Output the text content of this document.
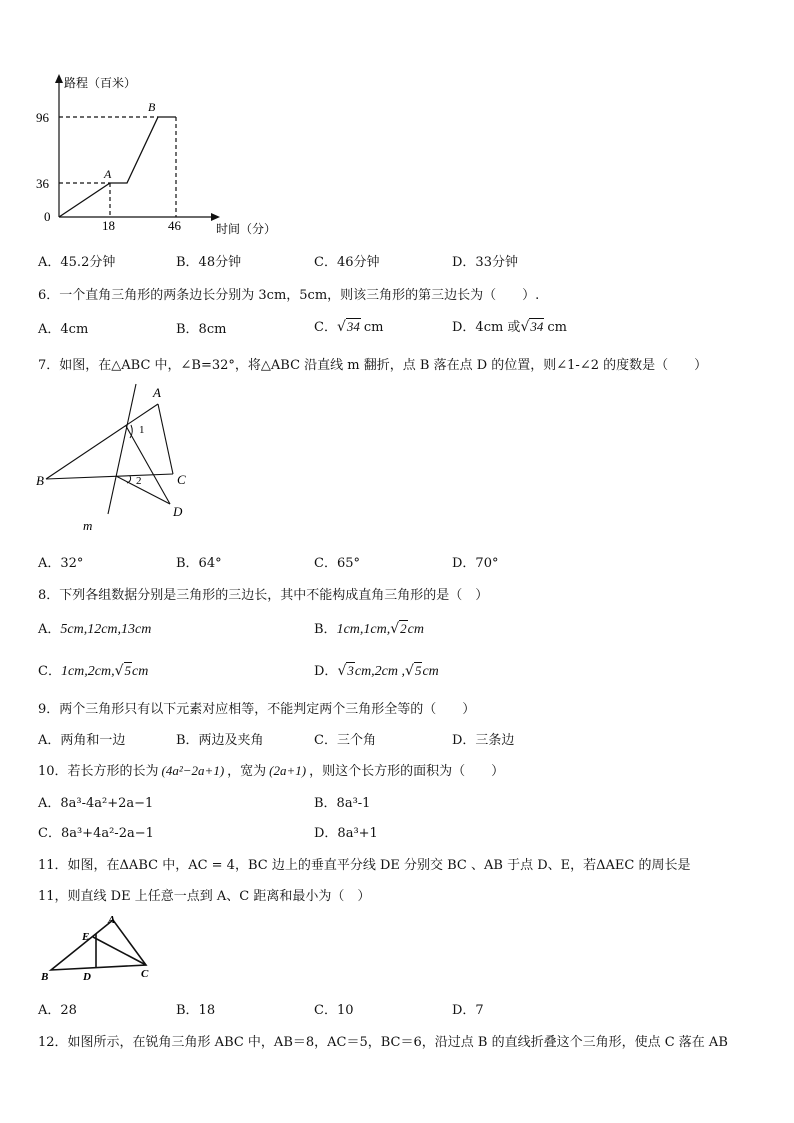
路程（百米）
时间（分）
96
36
0
18	46
A
B
A．45.2分钟	B．48分钟	C．46分钟	D．33分钟
6．一个直角三角形的两条边长分别为 3cm，5cm，则该三角形的第三边长为（　　）.
A．4cm	B．8cm	C．√34 cm	D．4cm 或√34 cm
7．如图，在△ABC 中，∠B=32°，将△ABC 沿直线 m 翻折，点 B 落在点 D 的位置，则∠1-∠2 的度数是（　　）
A
B	C
D
m
1
2
A．32°	B．64°	C．65°	D．70°
8．下列各组数据分别是三角形的三边长，其中不能构成直角三角形的是（　）
A．5cm,12cm,13cm	B．1cm,1cm,√2cm
C．1cm,2cm,√5cm	D．√3cm,2cm ,√5cm
9．两个三角形只有以下元素对应相等，不能判定两个三角形全等的（　　）
A．两角和一边	B．两边及夹角	C．三个角	D．三条边
10．若长方形的长为 (4a²−2a+1) ，宽为 (2a+1) ，则这个长方形的面积为（　　）
A．8a³-4a²+2a−1	B．8a³-1
C．8a³+4a²-2a−1	D．8a³+1
11．如图，在ΔABC 中，AC = 4，BC 边上的垂直平分线 DE 分别交 BC 、AB 于点 D、E，若ΔAEC 的周长是
11，则直线 DE 上任意一点到 A、C 距离和最小为（　）
A
E
B	D	C
A．28	B．18	C．10	D．7
12．如图所示，在锐角三角形 ABC 中，AB＝8，AC＝5，BC＝6，沿过点 B 的直线折叠这个三角形，使点 C 落在 AB
